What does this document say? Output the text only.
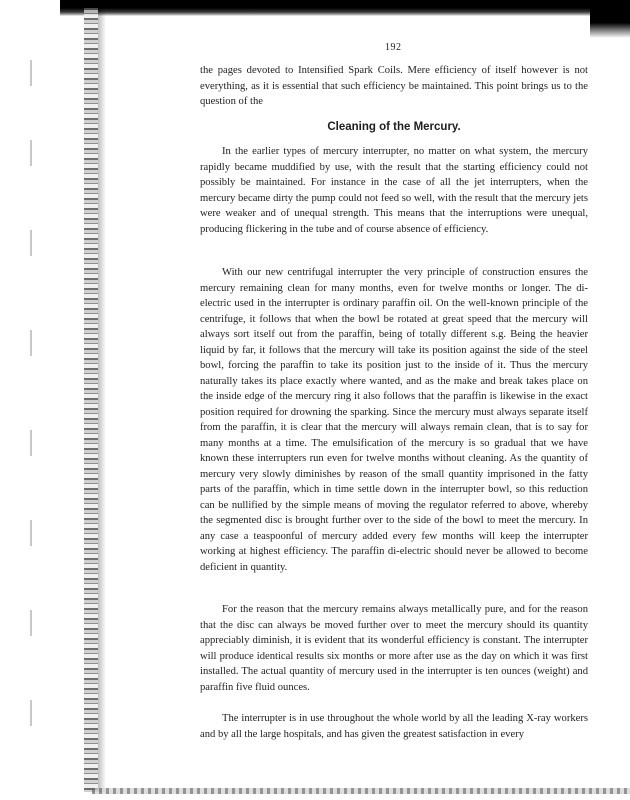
192

the pages devoted to Intensified Spark Coils. Mere efficiency of itself however is not everything, as it is essential that such efficiency be maintained. This point brings us to the question of the

Cleaning of the Mercury.

In the earlier types of mercury interrupter, no matter on what system, the mercury rapidly became muddified by use, with the result that the starting efficiency could not possibly be maintained. For instance in the case of all the jet interrupters, when the mercury became dirty the pump could not feed so well, with the result that the mercury jets were weaker and of unequal strength. This means that the interruptions were unequal, producing flickering in the tube and of course absence of efficiency.

With our new centrifugal interrupter the very principle of construction ensures the mercury remaining clean for many months, even for twelve months or longer. The di-electric used in the interrupter is ordinary paraffin oil. On the well-known principle of the centrifuge, it follows that when the bowl be rotated at great speed that the mercury will always sort itself out from the paraffin, being of totally different s.g. Being the heavier liquid by far, it follows that the mercury will take its position against the side of the steel bowl, forcing the paraffin to take its position just to the inside of it. Thus the mercury naturally takes its place exactly where wanted, and as the make and break takes place on the inside edge of the mercury ring it also follows that the paraffin is likewise in the exact position required for drowning the sparking. Since the mercury must always separate itself from the paraffin, it is clear that the mercury will always remain clean, that is to say for many months at a time. The emulsification of the mercury is so gradual that we have known these interrupters run even for twelve months without cleaning. As the quantity of mercury very slowly diminishes by reason of the small quantity imprisoned in the fatty parts of the paraffin, which in time settle down in the interrupter bowl, so this reduction can be nullified by the simple means of moving the regulator referred to above, whereby the segmented disc is brought further over to the side of the bowl to meet the mercury. In any case a teaspoonful of mercury added every few months will keep the interrupter working at highest efficiency. The paraffin di-electric should never be allowed to become deficient in quantity.

For the reason that the mercury remains always metallically pure, and for the reason that the disc can always be moved further over to meet the mercury should its quantity appreciably diminish, it is evident that its wonderful efficiency is constant. The interrupter will produce identical results six months or more after use as the day on which it was first installed. The actual quantity of mercury used in the interrupter is ten ounces (weight) and paraffin five fluid ounces.

The interrupter is in use throughout the whole world by all the leading X-ray workers and by all the large hospitals, and has given the greatest satisfaction in every
